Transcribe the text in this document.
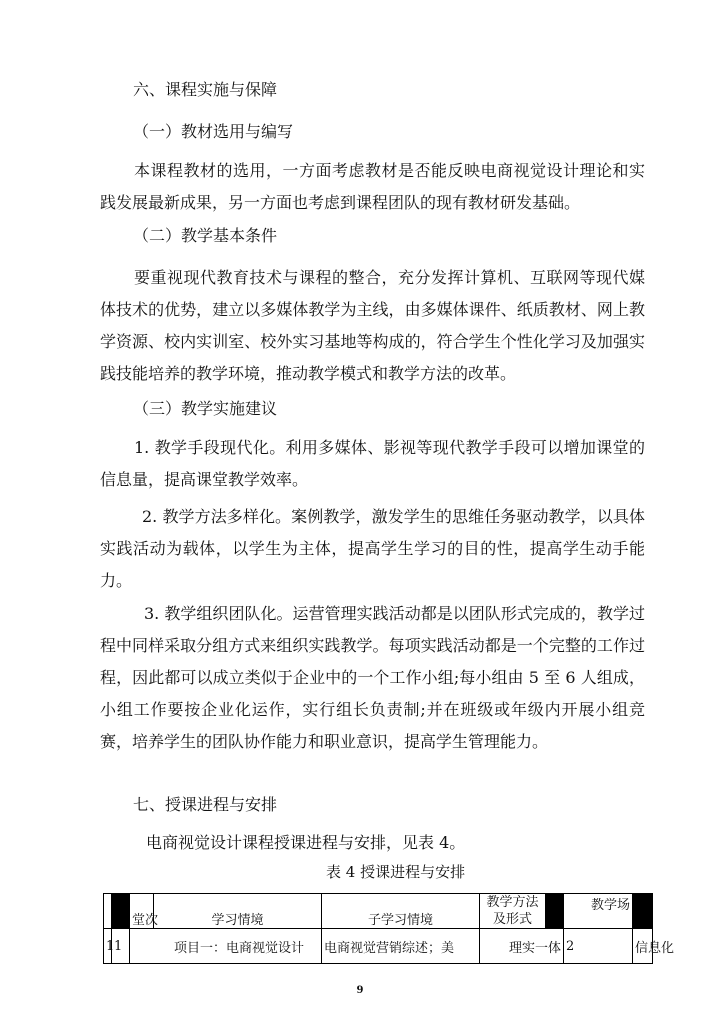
六、课程实施与保障
（一）教材选用与编写
本课程教材的选用，一方面考虑教材是否能反映电商视觉设计理论和实践发展最新成果，另一方面也考虑到课程团队的现有教材研发基础。
（二）教学基本条件
要重视现代教育技术与课程的整合，充分发挥计算机、互联网等现代媒体技术的优势，建立以多媒体教学为主线，由多媒体课件、纸质教材、网上教学资源、校内实训室、校外实习基地等构成的，符合学生个性化学习及加强实践技能培养的教学环境，推动教学模式和教学方法的改革。
（三）教学实施建议
1. 教学手段现代化。利用多媒体、影视等现代教学手段可以增加课堂的信息量，提高课堂教学效率。
2. 教学方法多样化。案例教学，激发学生的思维任务驱动教学，以具体实践活动为载体，以学生为主体，提高学生学习的目的性，提高学生动手能力。
3. 教学组织团队化。运营管理实践活动都是以团队形式完成的，教学过程中同样采取分组方式来组织实践教学。每项实践活动都是一个完整的工作过程，因此都可以成立类似于企业中的一个工作小组;每小组由 5 至 6 人组成，小组工作要按企业化运作，实行组长负责制;并在班级或年级内开展小组竞赛，培养学生的团队协作能力和职业意识，提高学生管理能力。
七、授课进程与安排
电商视觉设计课程授课进程与安排，见表 4。
表 4 授课进程与安排
		堂次	学习情境	子学习情境	教学方法及形式		教学场	
1	1	项目一：电商视觉设计		电商视觉营销综述；美	理实一体		2	信息化
9
